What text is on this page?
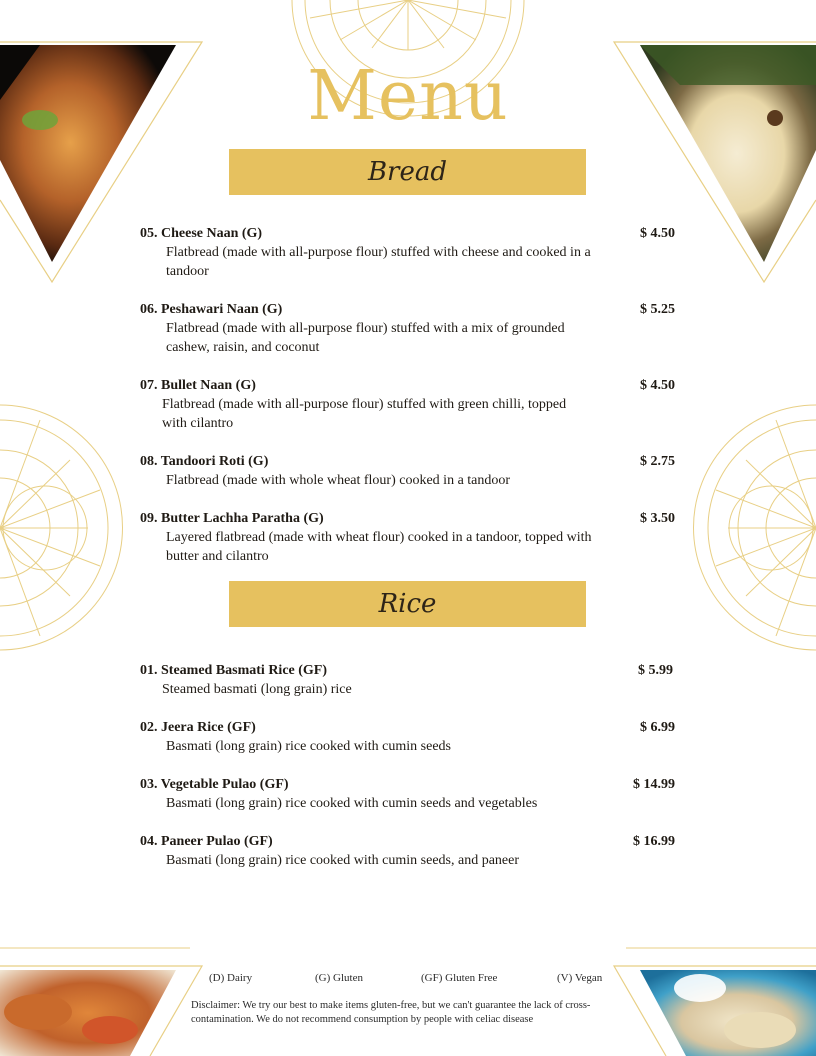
Menu
Bread
05. Cheese Naan (G)
Flatbread (made with all-purpose flour) stuffed with cheese and cooked in a tandoor
$ 4.50
06. Peshawari Naan (G)
Flatbread (made with all-purpose flour) stuffed with a mix of grounded cashew, raisin, and coconut
$ 5.25
07. Bullet Naan (G)
Flatbread (made with all-purpose flour) stuffed with green chilli, topped with cilantro
$ 4.50
08. Tandoori Roti (G)
Flatbread (made with whole wheat flour) cooked in a tandoor
$ 2.75
09. Butter Lachha Paratha (G)
Layered flatbread (made with wheat flour) cooked in a tandoor, topped with butter and cilantro
$ 3.50
Rice
01. Steamed Basmati Rice (GF)
Steamed basmati (long grain) rice
$ 5.99
02. Jeera Rice (GF)
Basmati (long grain) rice cooked with cumin seeds
$ 6.99
03. Vegetable Pulao (GF)
Basmati (long grain) rice cooked with cumin seeds and vegetables
$ 14.99
04. Paneer Pulao (GF)
Basmati (long grain) rice cooked with cumin seeds, and paneer
$ 16.99
(D) Dairy	(G) Gluten	(GF) Gluten Free	(V) Vegan
Disclaimer: We try our best to make items gluten-free, but we can't guarantee the lack of cross-contamination. We do not recommend consumption by people with celiac disease
